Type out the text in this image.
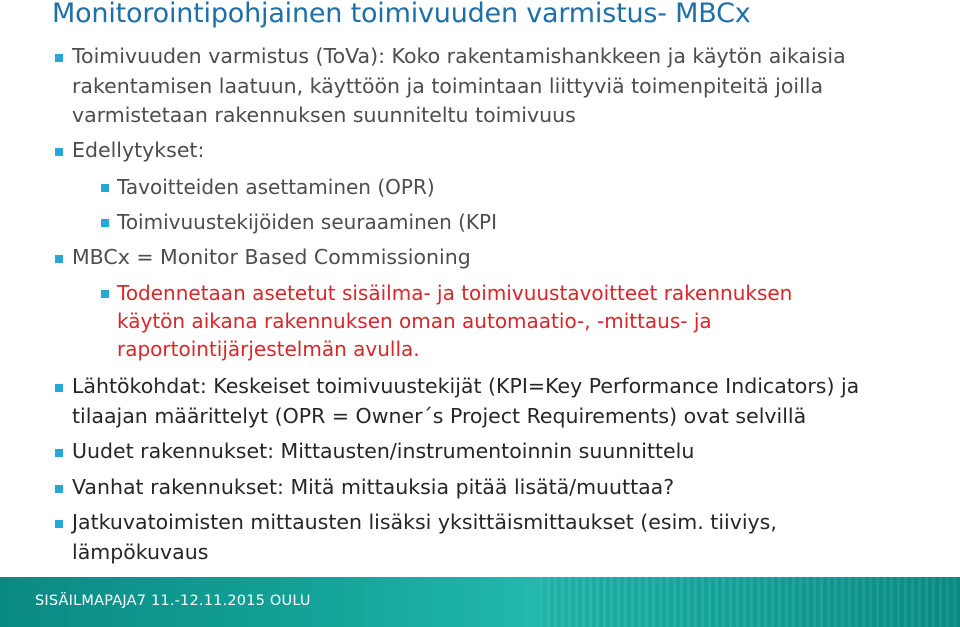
Monitorointipohjainen toimivuuden varmistus- MBCx
Toimivuuden varmistus (ToVa): Koko rakentamishankkeen ja käytön aikaisia
rakentamisen laatuun, käyttöön ja toimintaan liittyviä toimenpiteitä joilla
varmistetaan rakennuksen suunniteltu toimivuus
Edellytykset:
Tavoitteiden asettaminen (OPR)
Toimivuustekijöiden seuraaminen (KPI
MBCx = Monitor Based Commissioning
Todennetaan asetetut sisäilma- ja toimivuustavoitteet rakennuksen
käytön aikana rakennuksen oman automaatio-, -mittaus- ja
raportointijärjestelmän avulla.
Lähtökohdat: Keskeiset toimivuustekijät (KPI=Key Performance Indicators) ja
tilaajan määrittelyt (OPR = Owner´s Project Requirements) ovat selvillä
Uudet rakennukset: Mittausten/instrumentoinnin suunnittelu
Vanhat rakennukset: Mitä mittauksia pitää lisätä/muuttaa?
Jatkuvatoimisten mittausten lisäksi yksittäismittaukset (esim. tiiviys,
lämpökuvaus
SISÄILMAPAJA7 11.-12.11.2015 OULU
